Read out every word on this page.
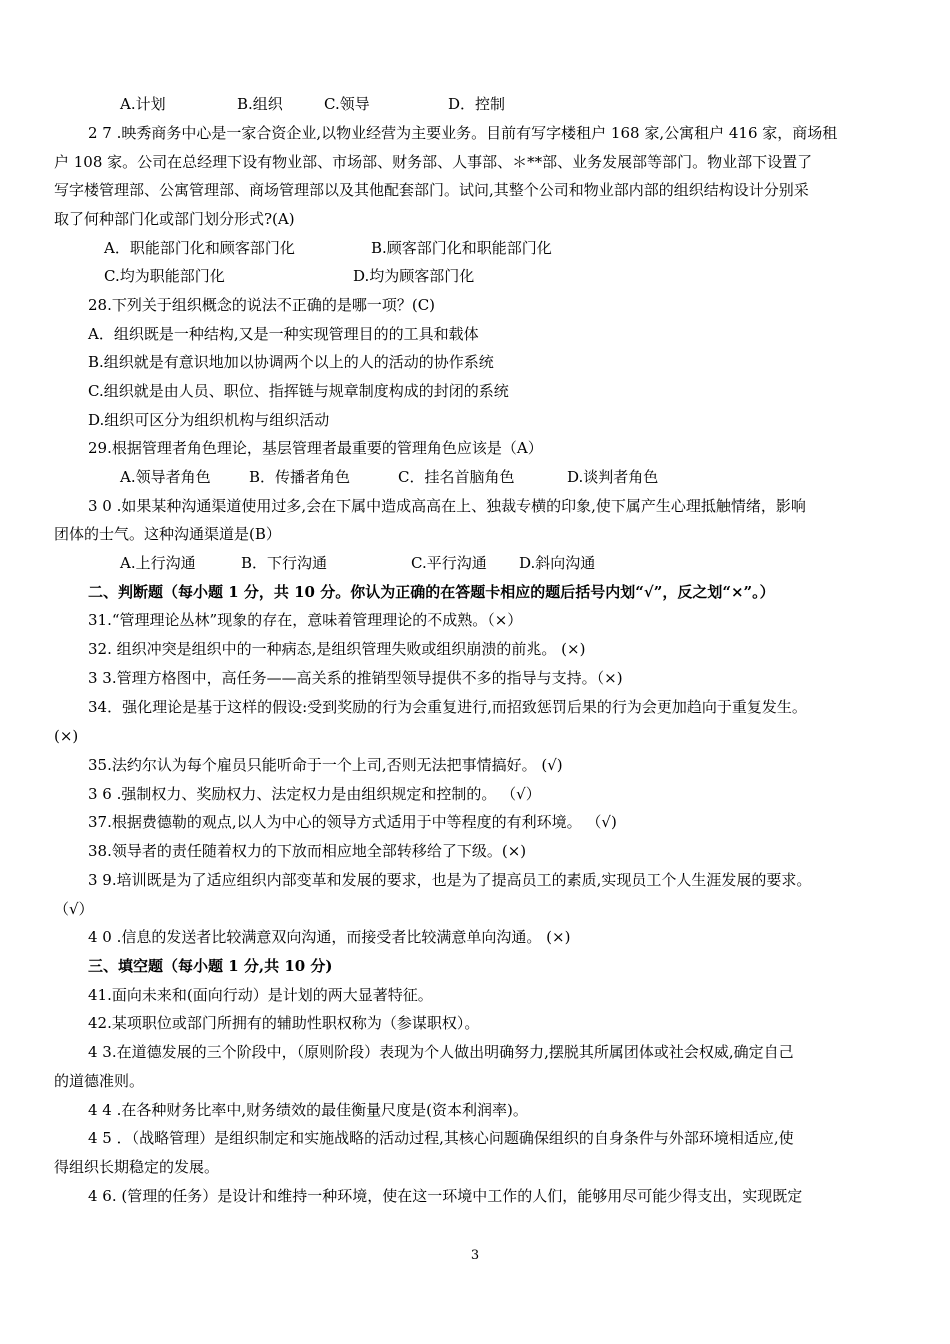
A.计划	B.组织	C.领导	D．控制
2 7 .映秀商务中心是一家合资企业,以物业经营为主要业务。目前有写字楼租户 168 家,公寓租户 416 家，商场租
户 108 家。公司在总经理下设有物业部、市场部、财务部、人事部、＊**部、业务发展部等部门。物业部下设置了
写字楼管理部、公寓管理部、商场管理部以及其他配套部门。试问,其整个公司和物业部内部的组织结构设计分别采
取了何种部门化或部门划分形式?(A)
A．职能部门化和顾客部门化	B.顾客部门化和职能部门化
C.均为职能部门化	D.均为顾客部门化
28.下列关于组织概念的说法不正确的是哪一项？(C)
A．组织既是一种结构,又是一种实现管理目的的工具和载体
B.组织就是有意识地加以协调两个以上的人的活动的协作系统
C.组织就是由人员、职位、指挥链与规章制度构成的封闭的系统
D.组织可区分为组织机构与组织活动
29.根据管理者角色理论，基层管理者最重要的管理角色应该是（A）
A.领导者角色	B．传播者角色	C．挂名首脑角色	D.谈判者角色
3 0 .如果某种沟通渠道使用过多,会在下属中造成高高在上、独裁专横的印象,使下属产生心理抵触情绪，影响
团体的士气。这种沟通渠道是(B）
A.上行沟通	B．下行沟通	C.平行沟通 D.斜向沟通
二、判断题（每小题 1 分，共 10 分。你认为正确的在答题卡相应的题后括号内划“√”，反之划“×”。）
31.“管理理论丛林”现象的存在，意味着管理理论的不成熟。（×）
32. 组织冲突是组织中的一种病态,是组织管理失败或组织崩溃的前兆。 (×)
3 3.管理方格图中，高任务——高关系的推销型领导提供不多的指导与支持。（×)
34．强化理论是基于这样的假设:受到奖励的行为会重复进行,而招致惩罚后果的行为会更加趋向于重复发生。
(×)
35.法约尔认为每个雇员只能听命于一个上司,否则无法把事情搞好。 (√)
3 6 .强制权力、奖励权力、法定权力是由组织规定和控制的。 （√）
37.根据费德勒的观点,以人为中心的领导方式适用于中等程度的有利环境。 （√)
38.领导者的责任随着权力的下放而相应地全部转移给了下级。(×)
3 9.培训既是为了适应组织内部变革和发展的要求，也是为了提高员工的素质,实现员工个人生涯发展的要求。
（√）
4 0 .信息的发送者比较满意双向沟通，而接受者比较满意单向沟通。 (×)
三、填空题（每小题 1 分,共 10 分)
41.面向未来和(面向行动）是计划的两大显著特征。
42.某项职位或部门所拥有的辅助性职权称为（参谋职权）。
4 3.在道德发展的三个阶段中，（原则阶段）表现为个人做出明确努力,摆脱其所属团体或社会权威,确定自己
的道德准则。
4 4 .在各种财务比率中,财务绩效的最佳衡量尺度是(资本利润率)。
4 5 ．（战略管理）是组织制定和实施战略的活动过程,其核心问题确保组织的自身条件与外部环境相适应,使
得组织长期稳定的发展。
4 6. (管理的任务）是设计和维持一种环境，使在这一环境中工作的人们，能够用尽可能少得支出，实现既定
3
